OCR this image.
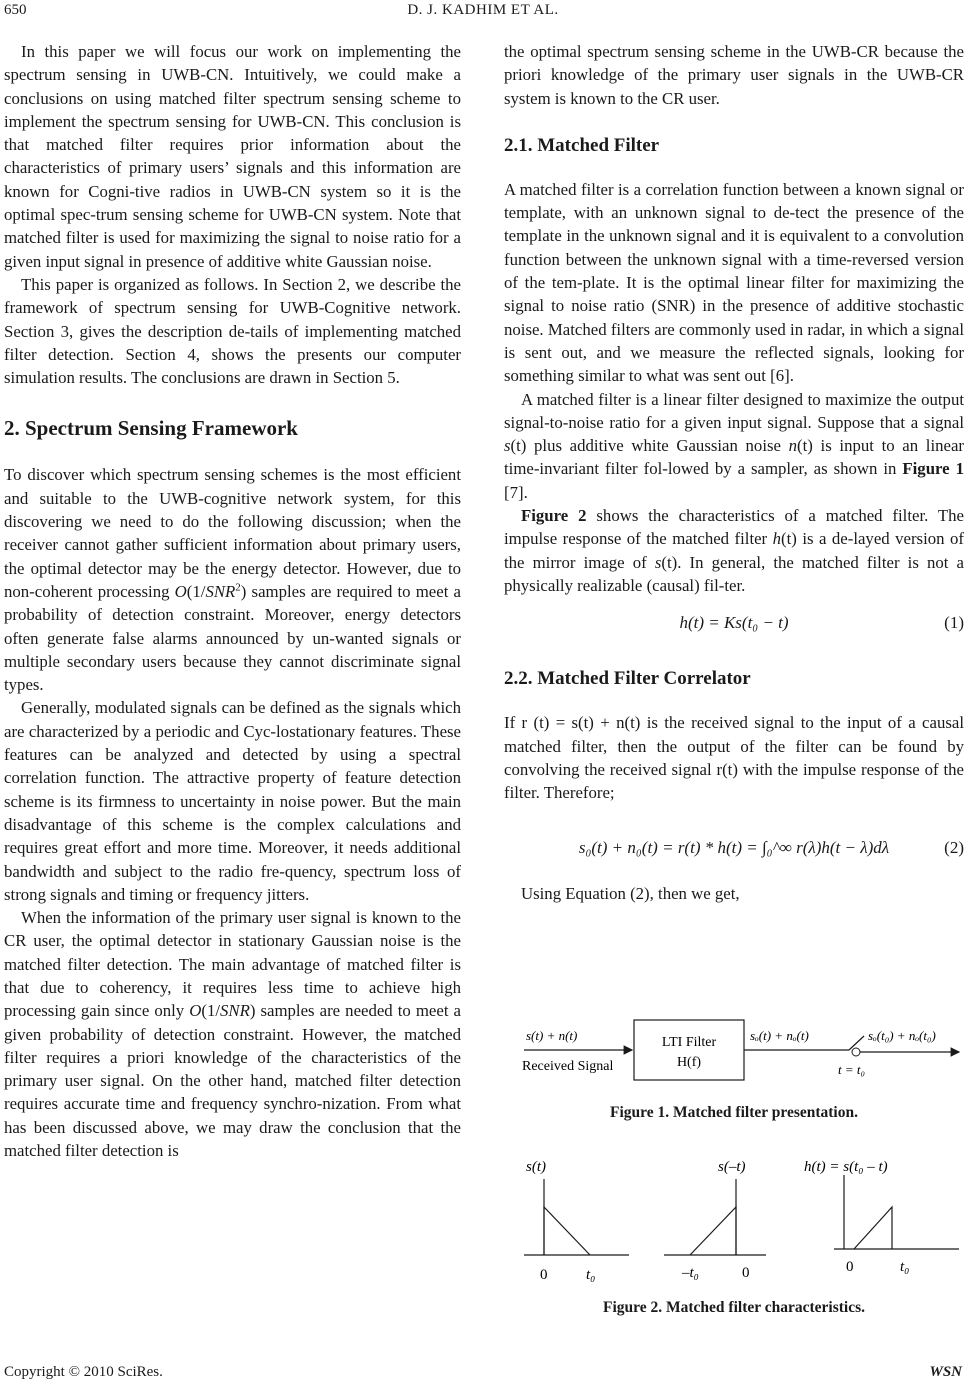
650	D. J. KADHIM ET AL.

In this paper we will focus our work on implementing the spectrum sensing in UWB-CN. Intuitively, we could make a conclusions on using matched filter spectrum sensing scheme to implement the spectrum sensing for UWB-CN. This conclusion is that matched filter requires prior information about the characteristics of primary users’ signals and this information are known for Cogni-tive radios in UWB-CN system so it is the optimal spec-trum sensing scheme for UWB-CN system. Note that matched filter is used for maximizing the signal to noise ratio for a given input signal in presence of additive white Gaussian noise.

This paper is organized as follows. In Section 2, we describe the framework of spectrum sensing for UWB-Cognitive network. Section 3, gives the description de-tails of implementing matched filter detection. Section 4, shows the presents our computer simulation results. The conclusions are drawn in Section 5.

2. Spectrum Sensing Framework

To discover which spectrum sensing schemes is the most efficient and suitable to the UWB-cognitive network system, for this discovering we need to do the following discussion; when the receiver cannot gather sufficient information about primary users, the optimal detector may be the energy detector. However, due to non-coherent processing O(1/SNR$^2$) samples are required to meet a probability of detection constraint. Moreover, energy detectors often generate false alarms announced by un-wanted signals or multiple secondary users because they cannot discriminate signal types.

Generally, modulated signals can be defined as the signals which are characterized by a periodic and Cyc-lostationary features. These features can be analyzed and detected by using a spectral correlation function. The attractive property of feature detection scheme is its firmness to uncertainty in noise power. But the main disadvantage of this scheme is the complex calculations and requires great effort and more time. Moreover, it needs additional bandwidth and subject to the radio fre-quency, spectrum loss of strong signals and timing or frequency jitters.

When the information of the primary user signal is known to the CR user, the optimal detector in stationary Gaussian noise is the matched filter detection. The main advantage of matched filter is that due to coherency, it requires less time to achieve high processing gain since only O(1/SNR) samples are needed to meet a given probability of detection constraint. However, the matched filter requires a priori knowledge of the characteristics of the primary user signal. On the other hand, matched filter detection requires accurate time and frequency synchro-nization. From what has been discussed above, we may draw the conclusion that the matched filter detection is

the optimal spectrum sensing scheme in the UWB-CR because the priori knowledge of the primary user signals in the UWB-CR system is known to the CR user.

2.1. Matched Filter

A matched filter is a correlation function between a known signal or template, with an unknown signal to de-tect the presence of the template in the unknown signal and it is equivalent to a convolution function between the unknown signal with a time-reversed version of the tem-plate. It is the optimal linear filter for maximizing the signal to noise ratio (SNR) in the presence of additive stochastic noise. Matched filters are commonly used in radar, in which a signal is sent out, and we measure the reflected signals, looking for something similar to what was sent out [6].

A matched filter is a linear filter designed to maximize the output signal-to-noise ratio for a given input signal. Suppose that a signal s(t) plus additive white Gaussian noise n(t) is input to an linear time-invariant filter fol-lowed by a sampler, as shown in Figure 1 [7].

Figure 2 shows the characteristics of a matched filter. The impulse response of the matched filter h(t) is a de-layed version of the mirror image of s(t). In general, the matched filter is not a physically realizable (causal) fil-ter.

h(t) = Ks(t₀ − t)	(1)
2.2. Matched Filter Correlator

If r (t) = s(t) + n(t) is the received signal to the input of a causal matched filter, then the output of the filter can be found by convolving the received signal r(t) with the impulse response of the filter. Therefore;

s₀(t) + n₀(t) = r(t) * h(t) = ∫₀^∞ r(λ)h(t − λ)dλ	(2)

Using Equation (2), then we get,

s(t) + n(t)
Received Signal
LTI Filter
H(f)
sₒ(t) + nₒ(t)	sₒ(t₀) + nₒ(t₀)
t = t₀
Figure 1. Matched filter presentation.
s(t)
0	t₀
s(–t)
–t₀	0
h(t) = s(t₀ – t)
0	t₀
Figure 2. Matched filter characteristics.
Copyright © 2010 SciRes.	WSN
